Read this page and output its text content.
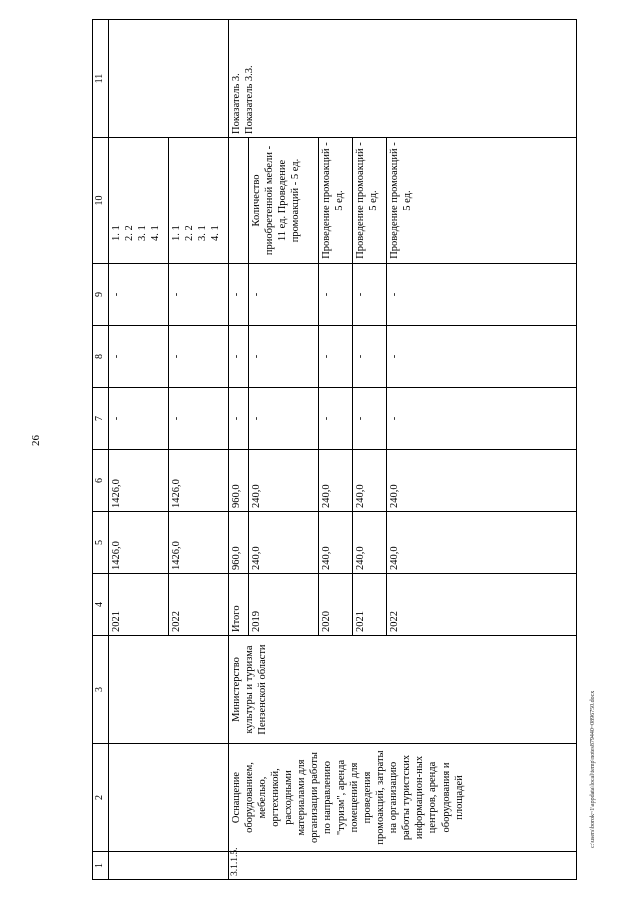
26
c:\users\borok~1\appdata\local\temp\notes879440~0896750.docx
1	2	3	4	5	6	7	8	9	10	11
			2021	1426,0	1426,0	-	-	-	1. 1 2. 2 3. 1 4. 1	

			2022	1426,0	1426,0	-	-	-	1. 1 2. 2 3. 1 4. 1	

3.1.1.5.	Оснащение оборудованием, мебелью, оргтехникой, расходными материалами для организации работы по направлению "туризм", аренда помещений для проведения промоакций, затраты на организацию работы туристских информацион-ных центров, аренда оборудования и площадей	Министерство культуры и туризма Пензенской области	Итого	960,0	960,0	-	-	-		Показатель 3. Показатель 3.3.
			2019	240,0	240,0	-	-	-	Количество приобретенной мебели - 11 ед. Проведение промоакций - 5 ед.	
			2020	240,0	240,0	-	-	-	Проведение промоакций - 5 ед.	
			2021	240,0	240,0	-	-	-	Проведение промоакций - 5 ед.	
			2022	240,0	240,0	-	-	-	Проведение промоакций - 5 ед.	
